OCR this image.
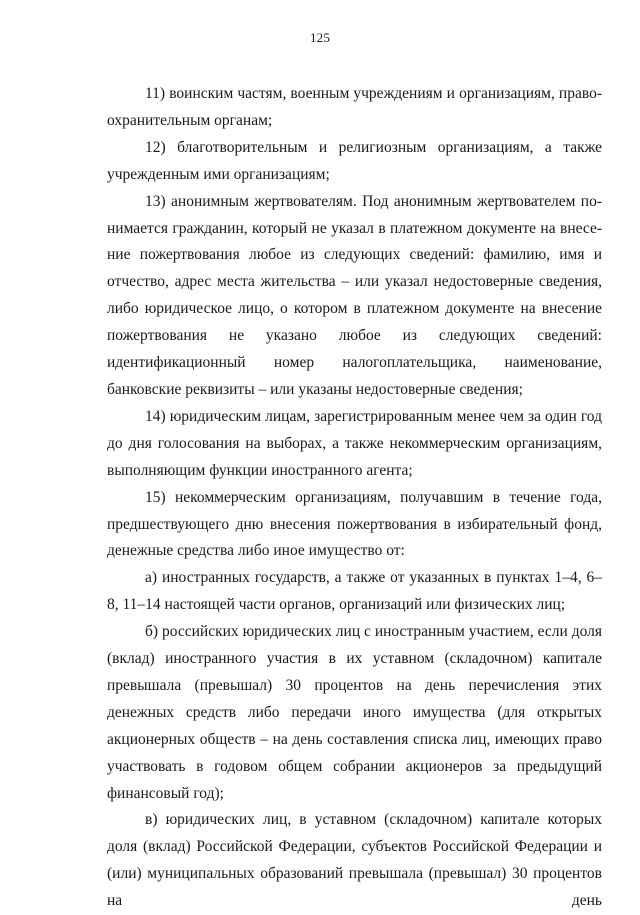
125

11) воинским частям, военным учреждениям и организациям, правоохранительным органам;

12) благотворительным и религиозным организациям, а также учрежденным ими организациям;

13) анонимным жертвователям. Под анонимным жертвователем понимается гражданин, который не указал в платежном документе на внесение пожертвования любое из следующих сведений: фамилию, имя и отчество, адрес места жительства – или указал недостоверные сведения, либо юридическое лицо, о котором в платежном документе на внесение пожертвования не указано любое из следующих сведений: идентификационный номер налогоплательщика, наименование, банковские реквизиты – или указаны недостоверные сведения;

14) юридическим лицам, зарегистрированным менее чем за один год до дня голосования на выборах, а также некоммерческим организациям, выполняющим функции иностранного агента;

15) некоммерческим организациям, получавшим в течение года, предшествующего дню внесения пожертвования в избирательный фонд, денежные средства либо иное имущество от:

а) иностранных государств, а также от указанных в пунктах 1–4, 6–8, 11–14 настоящей части органов, организаций или физических лиц;

б) российских юридических лиц с иностранным участием, если доля (вклад) иностранного участия в их уставном (складочном) капитале превышала (превышал) 30 процентов на день перечисления этих денежных средств либо передачи иного имущества (для открытых акционерных обществ – на день составления списка лиц, имеющих право участвовать в годовом общем собрании акционеров за предыдущий финансовый год);

в) юридических лиц, в уставном (складочном) капитале которых доля (вклад) Российской Федерации, субъектов Российской Федерации и (или) муниципальных образований превышала (превышал) 30 процентов на день
